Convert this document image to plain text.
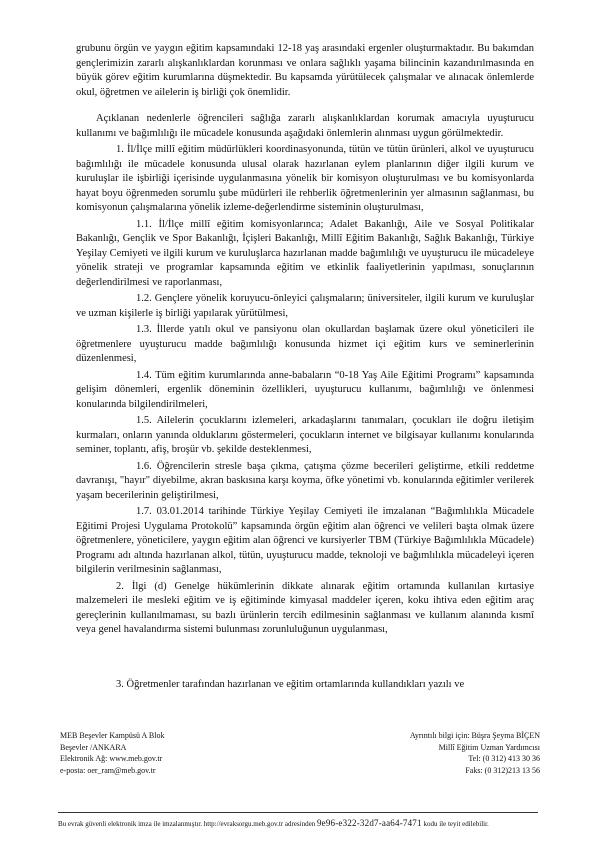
grubunu örgün ve yaygın eğitim kapsamındaki 12-18 yaş arasındaki ergenler oluşturmaktadır. Bu bakımdan gençlerimizin zararlı alışkanlıklardan korunması ve onlara sağlıklı yaşama bilincinin kazandırılmasında en büyük görev eğitim kurumlarına düşmektedir. Bu kapsamda yürütülecek çalışmalar ve alınacak önlemlerde okul, öğretmen ve ailelerin iş birliği çok önemlidir.

Açıklanan nedenlerle öğrencileri sağlığa zararlı alışkanlıklardan korumak amacıyla uyuşturucu kullanımı ve bağımlılığı ile mücadele konusunda aşağıdaki önlemlerin alınması uygun görülmektedir.

1. İl/İlçe millî eğitim müdürlükleri koordinasyonunda, tütün ve tütün ürünleri, alkol ve uyuşturucu bağımlılığı ile mücadele konusunda ulusal olarak hazırlanan eylem planlarının diğer ilgili kurum ve kuruluşlar ile işbirliği içerisinde uygulanmasına yönelik bir komisyon oluşturulması ve bu komisyonlarda hayat boyu öğrenmeden sorumlu şube müdürleri ile rehberlik öğretmenlerinin yer almasının sağlanması, bu komisyonun çalışmalarına yönelik izleme-değerlendirme sisteminin oluşturulması,

1.1. İl/İlçe millî eğitim komisyonlarınca; Adalet Bakanlığı, Aile ve Sosyal Politikalar Bakanlığı, Gençlik ve Spor Bakanlığı, İçişleri Bakanlığı, Millî Eğitim Bakanlığı, Sağlık Bakanlığı, Türkiye Yeşilay Cemiyeti ve ilgili kurum ve kuruluşlarca hazırlanan madde bağımlılığı ve uyuşturucu ile mücadeleye yönelik strateji ve programlar kapsamında eğitim ve etkinlik faaliyetlerinin yapılması, sonuçlarının değerlendirilmesi ve raporlanması,

1.2. Gençlere yönelik koruyucu-önleyici çalışmaların; üniversiteler, ilgili kurum ve kuruluşlar ve uzman kişilerle iş birliği yapılarak yürütülmesi,

1.3. İllerde yatılı okul ve pansiyonu olan okullardan başlamak üzere okul yöneticileri ile öğretmenlere uyuşturucu madde bağımlılığı konusunda hizmet içi eğitim kurs ve seminerlerinin düzenlenmesi,

1.4. Tüm eğitim kurumlarında anne-babaların “0-18 Yaş Aile Eğitimi Programı” kapsamında gelişim dönemleri, ergenlik döneminin özellikleri, uyuşturucu kullanımı, bağımlılığı ve önlenmesi konularında bilgilendirilmeleri,

1.5. Ailelerin çocuklarını izlemeleri, arkadaşlarını tanımaları, çocukları ile doğru iletişim kurmaları, onların yanında olduklarını göstermeleri, çocukların internet ve bilgisayar kullanımı konularında seminer, toplantı, afiş, broşür vb. şekilde desteklenmesi,

1.6. Öğrencilerin stresle başa çıkma, çatışma çözme becerileri geliştirme, etkili reddetme davranışı, "hayır" diyebilme, akran baskısına karşı koyma, öfke yönetimi vb. konularında eğitimler verilerek yaşam becerilerinin geliştirilmesi,

1.7. 03.01.2014 tarihinde Türkiye Yeşilay Cemiyeti ile imzalanan “Bağımlılıkla Mücadele Eğitimi Projesi Uygulama Protokolü” kapsamında örgün eğitim alan öğrenci ve velileri başta olmak üzere öğretmenlere, yöneticilere, yaygın eğitim alan öğrenci ve kursiyerler TBM (Türkiye Bağımlılıkla Mücadele) Programı adı altında hazırlanan alkol, tütün, uyuşturucu madde, teknoloji ve bağımlılıkla mücadeleyi içeren bilgilerin verilmesinin sağlanması,

2. İlgi (d) Genelge hükümlerinin dikkate alınarak eğitim ortamında kullanılan kırtasiye malzemeleri ile mesleki eğitim ve iş eğitiminde kimyasal maddeler içeren, koku ihtiva eden eğitim araç gereçlerinin kullanılmaması, su bazlı ürünlerin tercih edilmesinin sağlanması ve kullanım alanında kısmî veya genel havalandırma sistemi bulunması zorunluluğunun uygulanması,

3. Öğretmenler tarafından hazırlanan ve eğitim ortamlarında kullandıkları yazılı ve

MEB Beşevler Kampüsü A Blok
Beşevler /ANKARA
Elektronik Ağ: www.meb.gov.tr
e-posta: oer_ram@meb.gov.tr
Ayrıntılı bilgi için: Büşra Şeyma BİÇEN
Millî Eğitim Uzman Yardımcısı
Tel: (0 312) 413 30 36
Faks: (0 312)213 13 56
Bu evrak güvenli elektronik imza ile imzalanmıştır. http://evraksorgu.meb.gov.tr adresinden 9e96-e322-32d7-aa64-7471 kodu ile teyit edilebilir.
